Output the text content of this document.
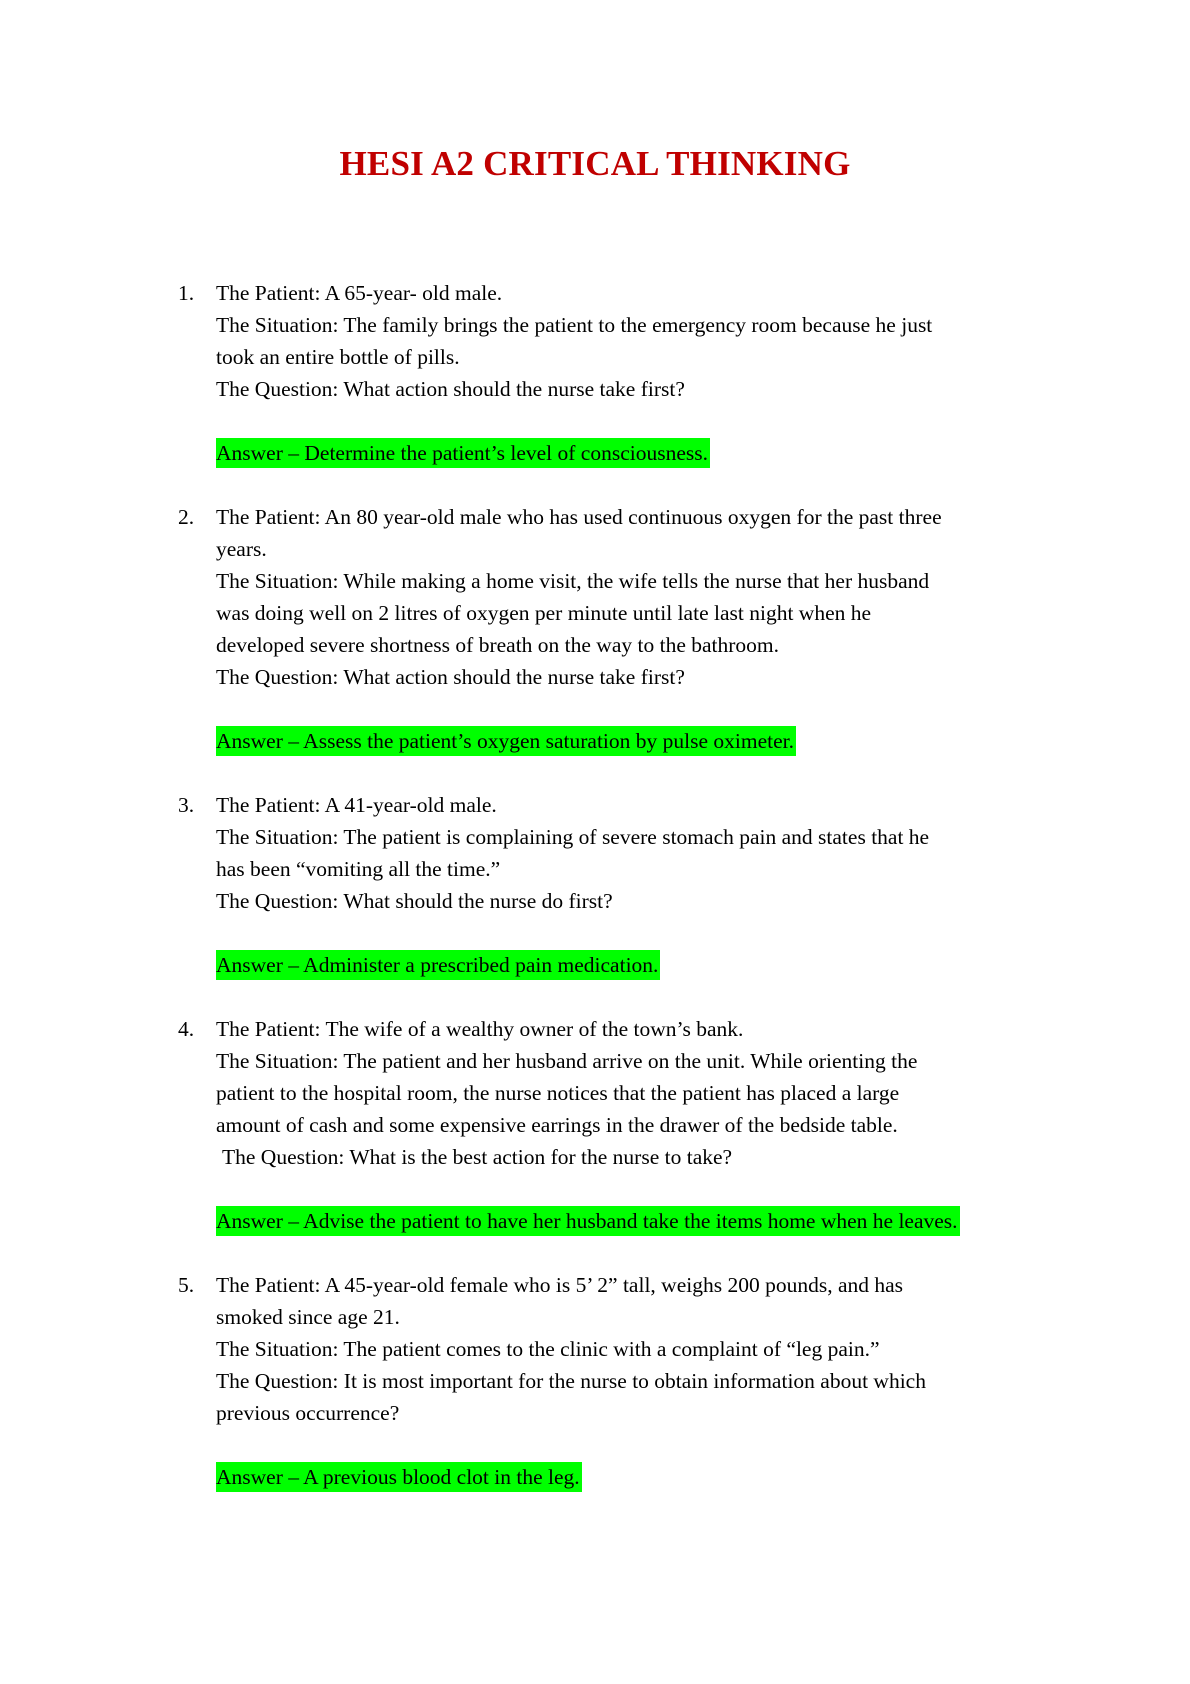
HESI A2 CRITICAL THINKING
1.	The Patient: A 65-year- old male.
The Situation: The family brings the patient to the emergency room because he just
took an entire bottle of pills.
The Question: What action should the nurse take first?
Answer – Determine the patient’s level of consciousness.
2.	The Patient: An 80 year-old male who has used continuous oxygen for the past three
years.
The Situation: While making a home visit, the wife tells the nurse that her husband
was doing well on 2 litres of oxygen per minute until late last night when he
developed severe shortness of breath on the way to the bathroom.
The Question: What action should the nurse take first?
Answer – Assess the patient’s oxygen saturation by pulse oximeter.
3.	The Patient: A 41-year-old male.
The Situation: The patient is complaining of severe stomach pain and states that he
has been “vomiting all the time.”
The Question: What should the nurse do first?
Answer – Administer a prescribed pain medication.
4.	The Patient: The wife of a wealthy owner of the town’s bank.
The Situation: The patient and her husband arrive on the unit. While orienting the
patient to the hospital room, the nurse notices that the patient has placed a large
amount of cash and some expensive earrings in the drawer of the bedside table.
The Question: What is the best action for the nurse to take?
Answer – Advise the patient to have her husband take the items home when he leaves.
5.	The Patient: A 45-year-old female who is 5’ 2” tall, weighs 200 pounds, and has
smoked since age 21.
The Situation: The patient comes to the clinic with a complaint of “leg pain.”
The Question: It is most important for the nurse to obtain information about which
previous occurrence?
Answer – A previous blood clot in the leg.
